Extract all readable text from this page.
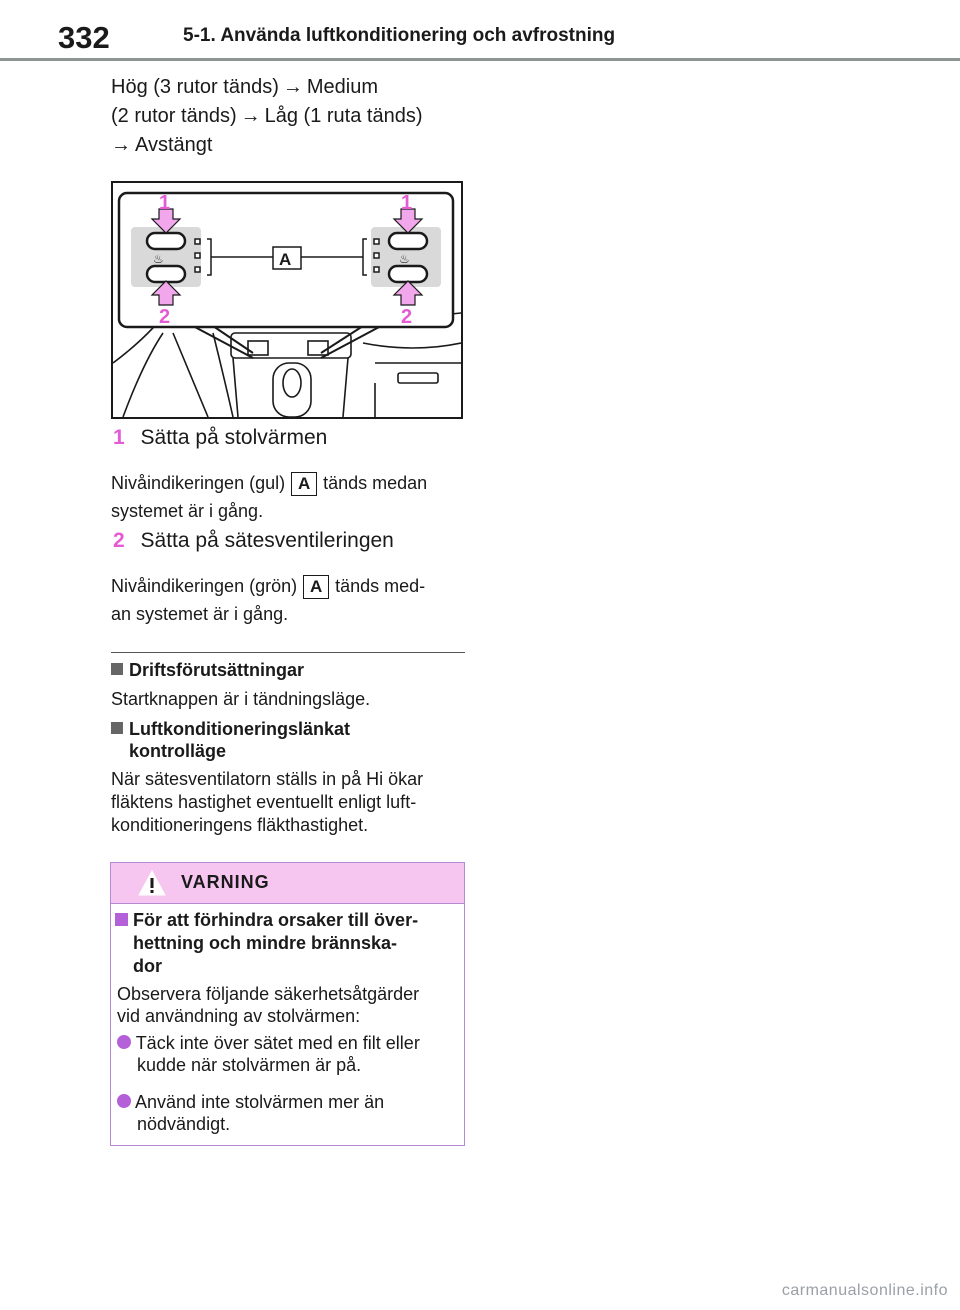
332	5-1. Använda luftkonditionering och avfrostning
Hög (3 rutor tänds) → Medium
(2 rutor tänds) → Låg (1 ruta tänds)
→ Avstängt
♨	♨
A
1	1
2	2
1 Sätta på stolvärmen
Nivåindikeringen (gul) A tänds medan
systemet är i gång.
2 Sätta på sätesventileringen
Nivåindikeringen (grön) A tänds med-
an systemet är i gång.
Driftsförutsättningar
Startknappen är i tändningsläge.
Luftkonditioneringslänkat
kontrolläge
När sätesventilatorn ställs in på Hi ökar
fläktens hastighet eventuellt enligt luft-
konditioneringens fläkthastighet.
VARNING
För att förhindra orsaker till över-
hettning och mindre brännska-
dor
Observera följande säkerhetsåtgärder
vid användning av stolvärmen:
Täck inte över sätet med en filt eller
kudde när stolvärmen är på.
Använd inte stolvärmen mer än
nödvändigt.
carmanualsonline.info
